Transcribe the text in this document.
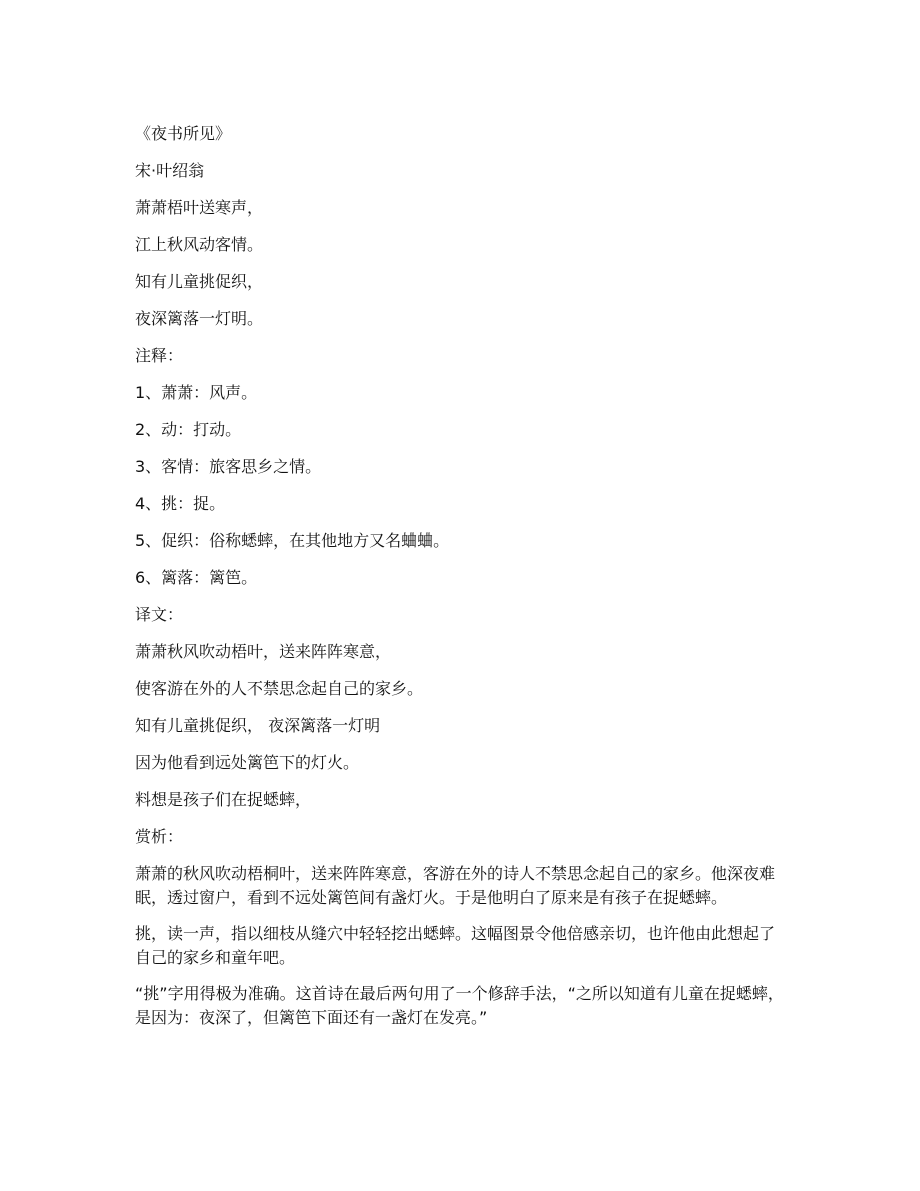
《夜书所见》
宋·叶绍翁
萧萧梧叶送寒声，
江上秋风动客情。
知有儿童挑促织，
夜深篱落一灯明。
注释：
1、萧萧：风声。
2、动：打动。
3、客情：旅客思乡之情。
4、挑：捉。
5、促织：俗称蟋蟀，在其他地方又名蛐蛐。
6、篱落：篱笆。
译文：
萧萧秋风吹动梧叶，送来阵阵寒意，
使客游在外的人不禁思念起自己的家乡。
知有儿童挑促织， 夜深篱落一灯明
因为他看到远处篱笆下的灯火。
料想是孩子们在捉蟋蟀，
赏析：
萧萧的秋风吹动梧桐叶，送来阵阵寒意，客游在外的诗人不禁思念起自己的家乡。他深夜难眠，透过窗户，看到不远处篱笆间有盏灯火。于是他明白了原来是有孩子在捉蟋蟀。
挑，读一声，指以细枝从缝穴中轻轻挖出蟋蟀。这幅图景令他倍感亲切，也许他由此想起了自己的家乡和童年吧。
“挑”字用得极为准确。这首诗在最后两句用了一个修辞手法，“之所以知道有儿童在捉蟋蟀，是因为：夜深了，但篱笆下面还有一盏灯在发亮。”
